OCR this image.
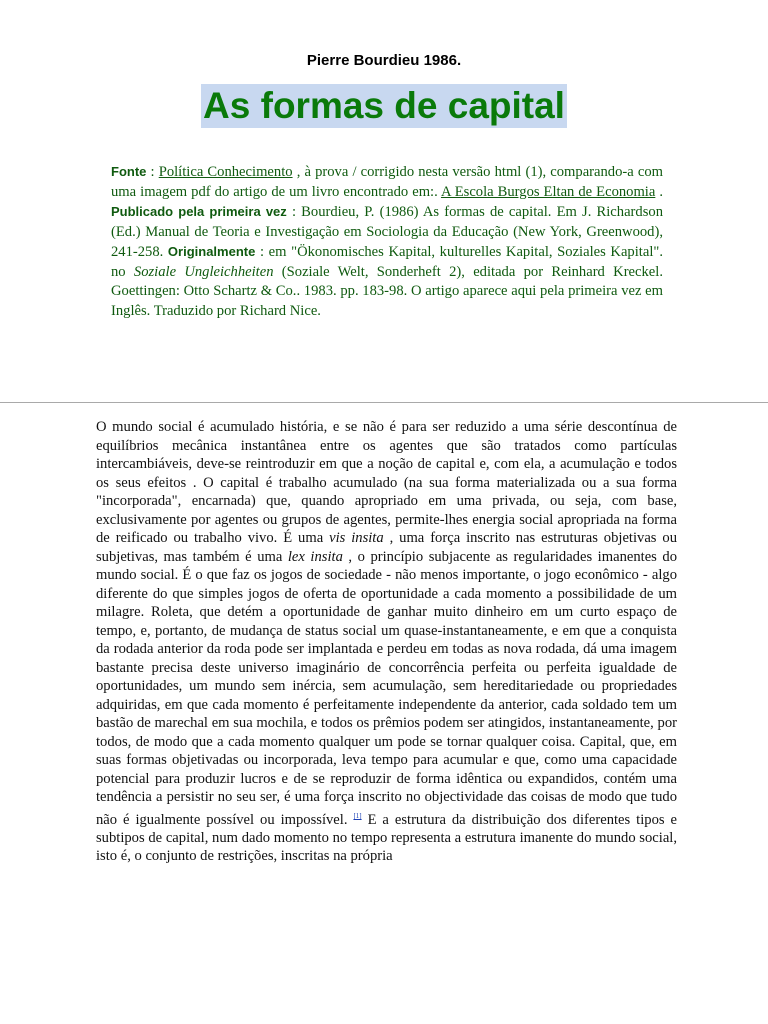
Pierre Bourdieu 1986.
As formas de capital
Fonte : Política Conhecimento , à prova / corrigido nesta versão html (1), comparando-a com uma imagem pdf do artigo de um livro encontrado em:. A Escola Burgos Eltan de Economia . Publicado pela primeira vez : Bourdieu, P. (1986) As formas de capital. Em J. Richardson (Ed.) Manual de Teoria e Investigação em Sociologia da Educação (New York, Greenwood), 241-258. Originalmente : em "Ökonomisches Kapital, kulturelles Kapital, Soziales Kapital". no Soziale Ungleichheiten (Soziale Welt, Sonderheft 2), editada por Reinhard Kreckel. Goettingen: Otto Schartz & Co.. 1983. pp. 183-98. O artigo aparece aqui pela primeira vez em Inglês. Traduzido por Richard Nice.
O mundo social é acumulado história, e se não é para ser reduzido a uma série descontínua de equilíbrios mecânica instantânea entre os agentes que são tratados como partículas intercambiáveis, deve-se reintroduzir em que a noção de capital e, com ela, a acumulação e todos os seus efeitos . O capital é trabalho acumulado (na sua forma materializada ou a sua forma "incorporada", encarnada) que, quando apropriado em uma privada, ou seja, com base, exclusivamente por agentes ou grupos de agentes, permite-lhes energia social apropriada na forma de reificado ou trabalho vivo. É uma vis insita , uma força inscrito nas estruturas objetivas ou subjetivas, mas também é uma lex insita , o princípio subjacente as regularidades imanentes do mundo social. É o que faz os jogos de sociedade - não menos importante, o jogo econômico - algo diferente do que simples jogos de oferta de oportunidade a cada momento a possibilidade de um milagre. Roleta, que detém a oportunidade de ganhar muito dinheiro em um curto espaço de tempo, e, portanto, de mudança de status social um quase-instantaneamente, e em que a conquista da rodada anterior da roda pode ser implantada e perdeu em todas as nova rodada, dá uma imagem bastante precisa deste universo imaginário de concorrência perfeita ou perfeita igualdade de oportunidades, um mundo sem inércia, sem acumulação, sem hereditariedade ou propriedades adquiridas, em que cada momento é perfeitamente independente da anterior, cada soldado tem um bastão de marechal em sua mochila, e todos os prêmios podem ser atingidos, instantaneamente, por todos, de modo que a cada momento qualquer um pode se tornar qualquer coisa. Capital, que, em suas formas objetivadas ou incorporada, leva tempo para acumular e que, como uma capacidade potencial para produzir lucros e de se reproduzir de forma idêntica ou expandidos, contém uma tendência a persistir no seu ser, é uma força inscrito no objectividade das coisas de modo que tudo não é igualmente possível ou impossível. [1] E a estrutura da distribuição dos diferentes tipos e subtipos de capital, num dado momento no tempo representa a estrutura imanente do mundo social, isto é, o conjunto de restrições, inscritas na própria
